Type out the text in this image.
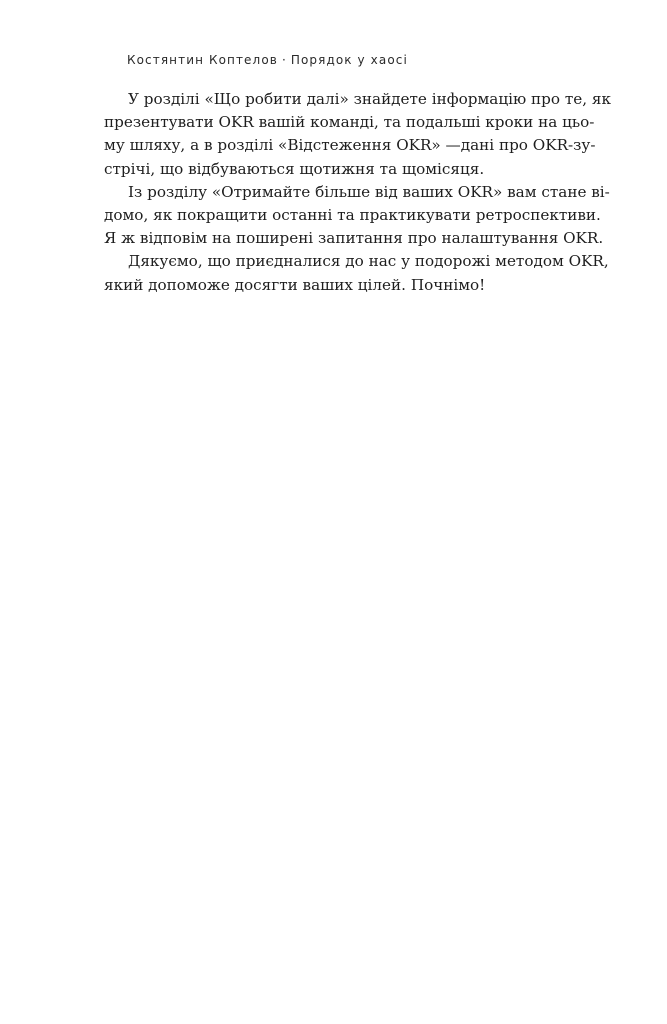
Костянтин Коптелов · Порядок у хаосі
У розділі «Що робити далі» знайдете інформацію про те, як
презентувати OKR вашій команді, та подальші кроки на цьо-
му шляху, а в розділі «Відстеження OKR» —дані про OKR-зу-
стрічі, що відбуваються щотижня та щомісяця.
Із розділу «Отримайте більше від ваших OKR» вам стане ві-
домо, як покращити останні та практикувати ретроспективи.
Я ж відповім на поширені запитання про налаштування OKR.
Дякуємо, що приєдналися до нас у подорожі методом OKR,
який допоможе досягти ваших цілей. Почнімо!
